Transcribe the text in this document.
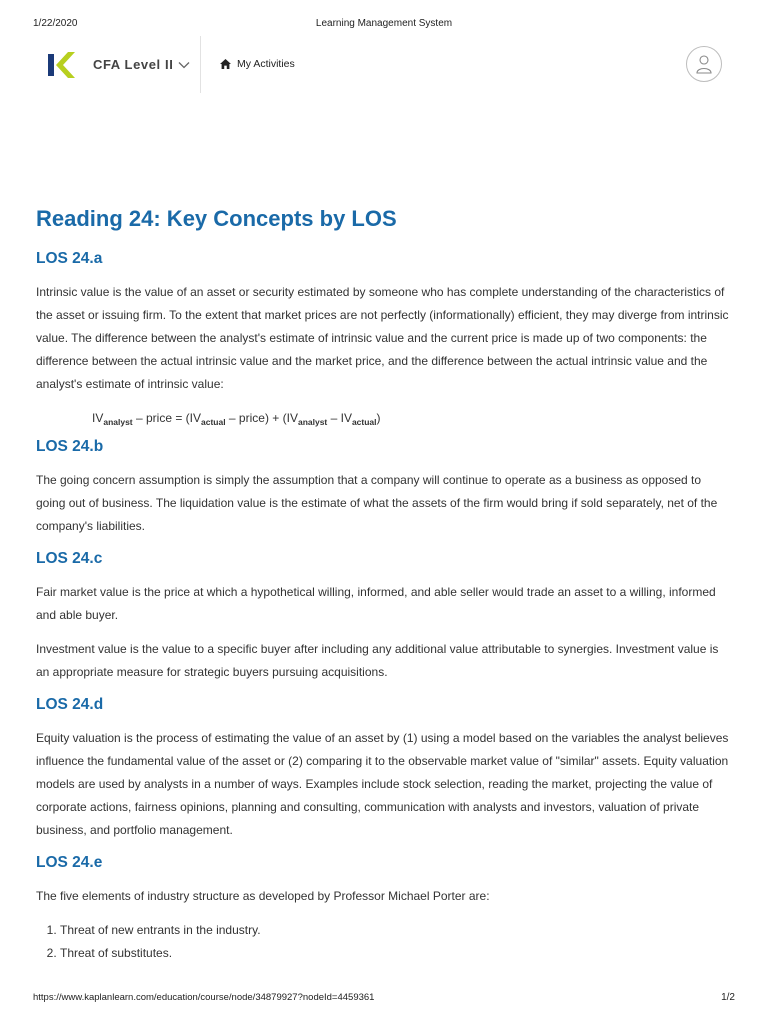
1/22/2020	Learning Management System
CFA Level II	My Activities
Reading 24: Key Concepts by LOS
LOS 24.a

Intrinsic value is the value of an asset or security estimated by someone who has complete understanding of the characteristics of the asset or issuing firm. To the extent that market prices are not perfectly (informationally) efficient, they may diverge from intrinsic value. The difference between the analyst's estimate of intrinsic value and the current price is made up of two components: the difference between the actual intrinsic value and the market price, and the difference between the actual intrinsic value and the analyst's estimate of intrinsic value:

$IV_{analyst}$ – price = ($IV_{actual}$ – price) + $(IV_{analyst} - IV_{actual})$
LOS 24.b

The going concern assumption is simply the assumption that a company will continue to operate as a business as opposed to going out of business. The liquidation value is the estimate of what the assets of the firm would bring if sold separately, net of the company's liabilities.

LOS 24.c

Fair market value is the price at which a hypothetical willing, informed, and able seller would trade an asset to a willing, informed and able buyer.

Investment value is the value to a specific buyer after including any additional value attributable to synergies. Investment value is an appropriate measure for strategic buyers pursuing acquisitions.

LOS 24.d

Equity valuation is the process of estimating the value of an asset by (1) using a model based on the variables the analyst believes influence the fundamental value of the asset or (2) comparing it to the observable market value of "similar" assets. Equity valuation models are used by analysts in a number of ways. Examples include stock selection, reading the market, projecting the value of corporate actions, fairness opinions, planning and consulting, communication with analysts and investors, valuation of private business, and portfolio management.

LOS 24.e

The five elements of industry structure as developed by Professor Michael Porter are:

1. Threat of new entrants in the industry.
2. Threat of substitutes.
https://www.kaplanlearn.com/education/course/node/34879927?nodeId=4459361	1/2
